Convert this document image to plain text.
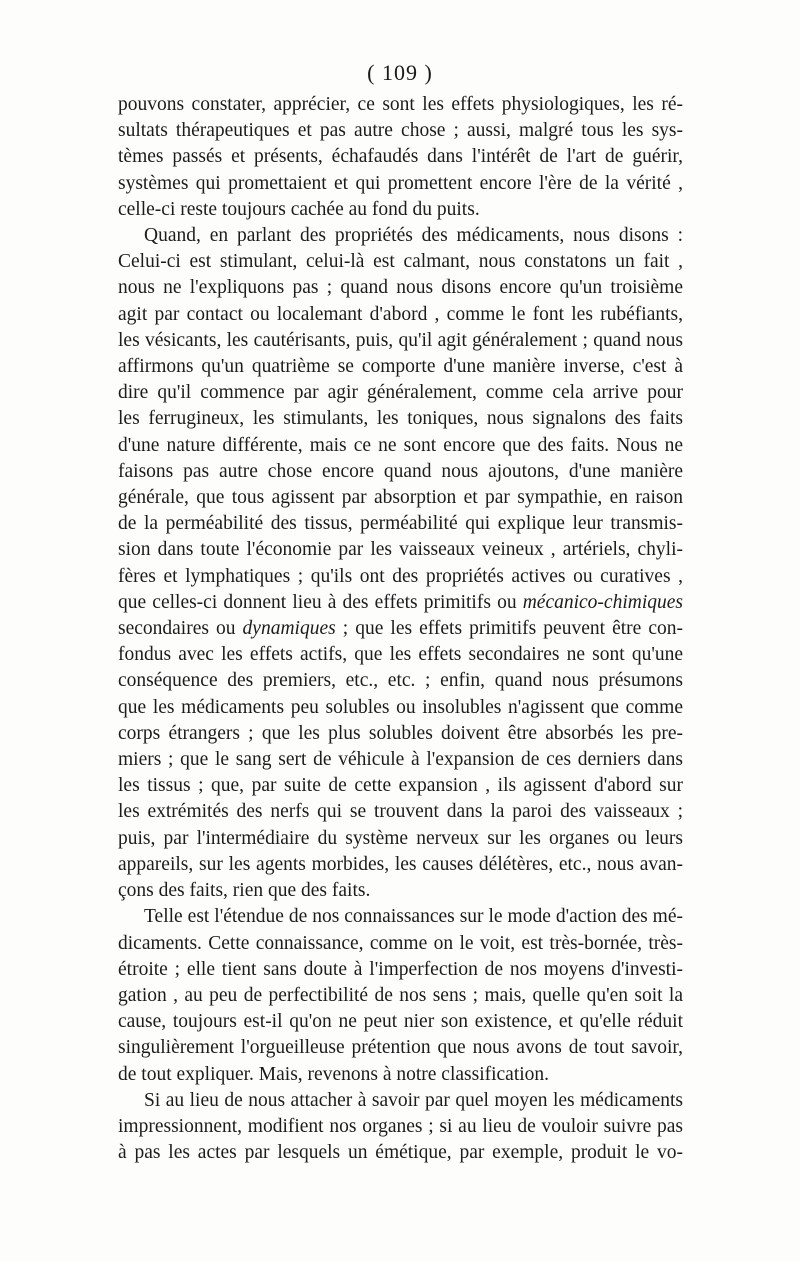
( 109 )
pouvons constater, apprécier, ce sont les effets physiologiques, les ré-
sultats thérapeutiques et pas autre chose ; aussi, malgré tous les sys-
tèmes passés et présents, échafaudés dans l'intérêt de l'art de guérir,
systèmes qui promettaient et qui promettent encore l'ère de la vérité ,
celle-ci reste toujours cachée au fond du puits.
Quand, en parlant des propriétés des médicaments, nous disons :
Celui-ci est stimulant, celui-là est calmant, nous constatons un fait ,
nous ne l'expliquons pas ; quand nous disons encore qu'un troisième
agit par contact ou localemant d'abord , comme le font les rubéfiants,
les vésicants, les cautérisants, puis, qu'il agit généralement ; quand nous
affirmons qu'un quatrième se comporte d'une manière inverse, c'est à
dire qu'il commence par agir généralement, comme cela arrive pour
les ferrugineux, les stimulants, les toniques, nous signalons des faits
d'une nature différente, mais ce ne sont encore que des faits. Nous ne
faisons pas autre chose encore quand nous ajoutons, d'une manière
générale, que tous agissent par absorption et par sympathie, en raison
de la perméabilité des tissus, perméabilité qui explique leur transmis-
sion dans toute l'économie par les vaisseaux veineux , artériels, chyli-
fères et lymphatiques ; qu'ils ont des propriétés actives ou curatives ,
que celles-ci donnent lieu à des effets primitifs ou mécanico-chimiques
secondaires ou dynamiques ; que les effets primitifs peuvent être con-
fondus avec les effets actifs, que les effets secondaires ne sont qu'une
conséquence des premiers, etc., etc. ; enfin, quand nous présumons
que les médicaments peu solubles ou insolubles n'agissent que comme
corps étrangers ; que les plus solubles doivent être absorbés les pre-
miers ; que le sang sert de véhicule à l'expansion de ces derniers dans
les tissus ; que, par suite de cette expansion , ils agissent d'abord sur
les extrémités des nerfs qui se trouvent dans la paroi des vaisseaux ;
puis, par l'intermédiaire du système nerveux sur les organes ou leurs
appareils, sur les agents morbides, les causes délétères, etc., nous avan-
çons des faits, rien que des faits.
Telle est l'étendue de nos connaissances sur le mode d'action des mé-
dicaments. Cette connaissance, comme on le voit, est très-bornée, très-
étroite ; elle tient sans doute à l'imperfection de nos moyens d'investi-
gation , au peu de perfectibilité de nos sens ; mais, quelle qu'en soit la
cause, toujours est-il qu'on ne peut nier son existence, et qu'elle réduit
singulièrement l'orgueilleuse prétention que nous avons de tout savoir,
de tout expliquer. Mais, revenons à notre classification.
Si au lieu de nous attacher à savoir par quel moyen les médicaments
impressionnent, modifient nos organes ; si au lieu de vouloir suivre pas
à pas les actes par lesquels un émétique, par exemple, produit le vo-
